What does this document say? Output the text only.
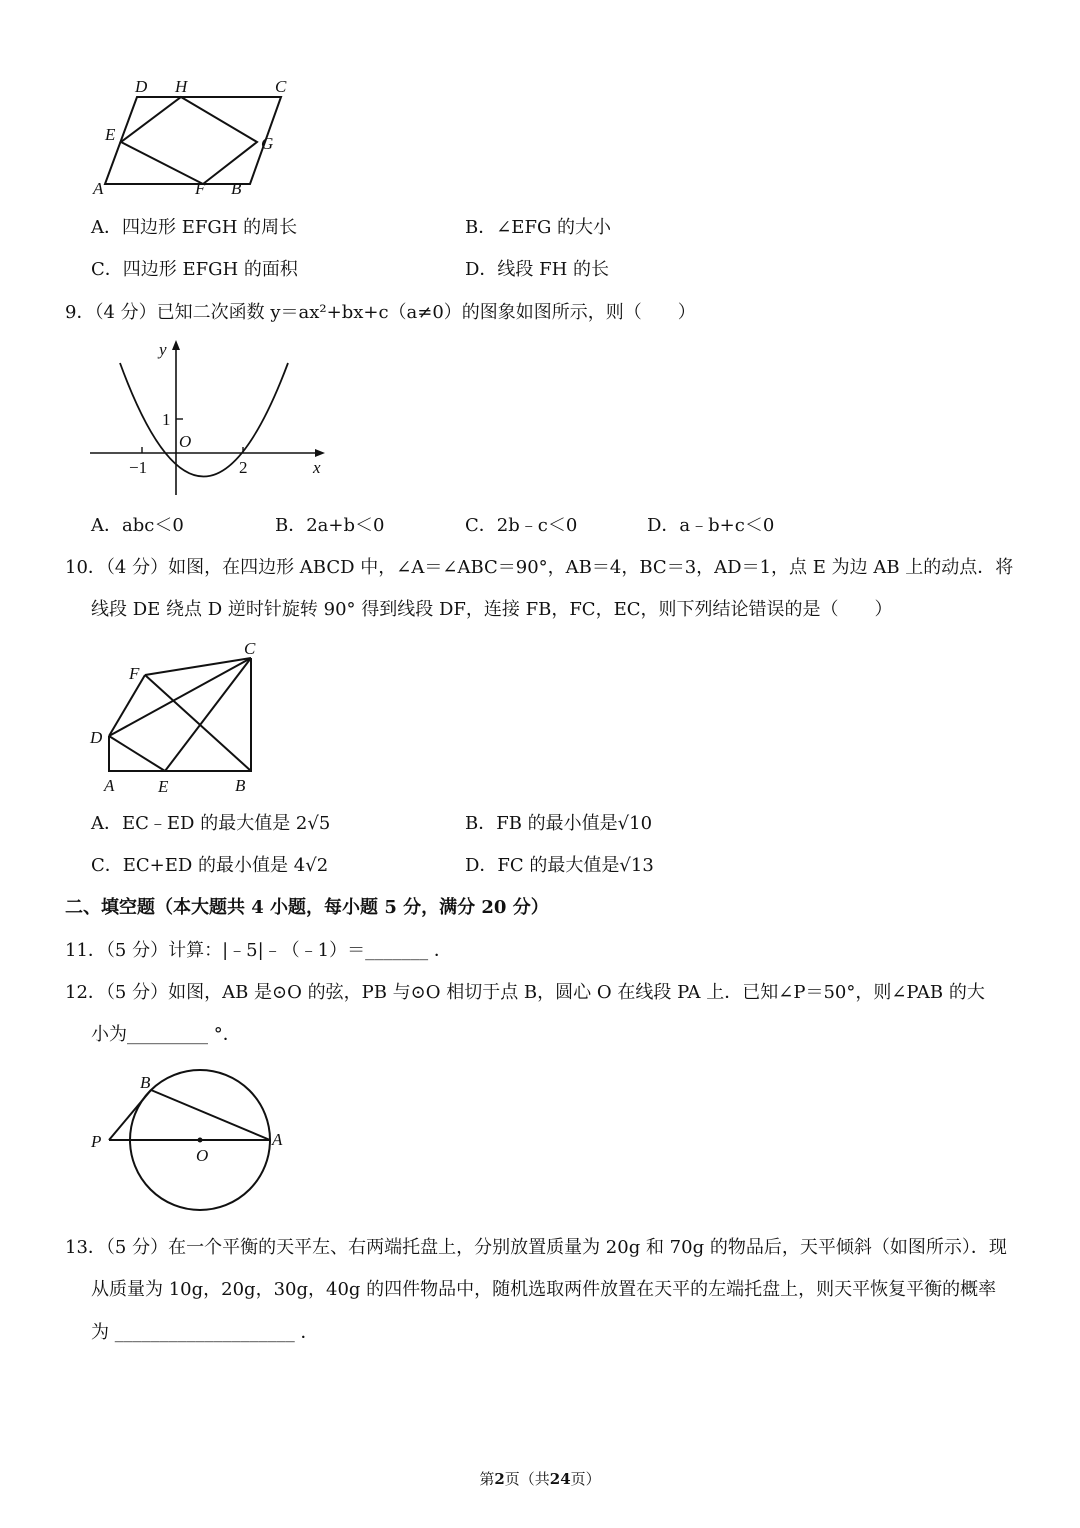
D H	C
E	G
A	F B
A．四边形 EFGH 的周长	B．∠EFG 的大小
C．四边形 EFGH 的面积	D．线段 FH 的长
9．（4 分）已知二次函数 y＝ax²+bx+c（a≠0）的图象如图所示，则（　　）
y
x
1
O
−1	2
A．abc＜0	B．2a+b＜0	C．2b﹣c＜0	D．a﹣b+c＜0
10．（4 分）如图，在四边形 ABCD 中，∠A＝∠ABC＝90°，AB＝4，BC＝3，AD＝1，点 E 为边 AB 上的动点．将
线段 DE 绕点 D 逆时针旋转 90° 得到线段 DF，连接 FB，FC，EC，则下列结论错误的是（　　）
C
F
D
A	E	B
A．EC﹣ED 的最大值是 2√5	B．FB 的最小值是√10
C．EC+ED 的最小值是 4√2	D．FC 的最大值是√13
二、填空题（本大题共 4 小题，每小题 5 分，满分 20 分）
11．（5 分）计算：|﹣5|﹣（﹣1）＝_______ ．
12．（5 分）如图，AB 是⊙O 的弦，PB 与⊙O 相切于点 B，圆心 O 在线段 PA 上．已知∠P＝50°，则∠PAB 的大
小为_________ °．
B
P
O
A
13．（5 分）在一个平衡的天平左、右两端托盘上，分别放置质量为 20g 和 70g 的物品后，天平倾斜（如图所示）．现
从质量为 10g，20g，30g，40g 的四件物品中，随机选取两件放置在天平的左端托盘上，则天平恢复平衡的概率
为 ____________________ ．
第2页（共24页）
